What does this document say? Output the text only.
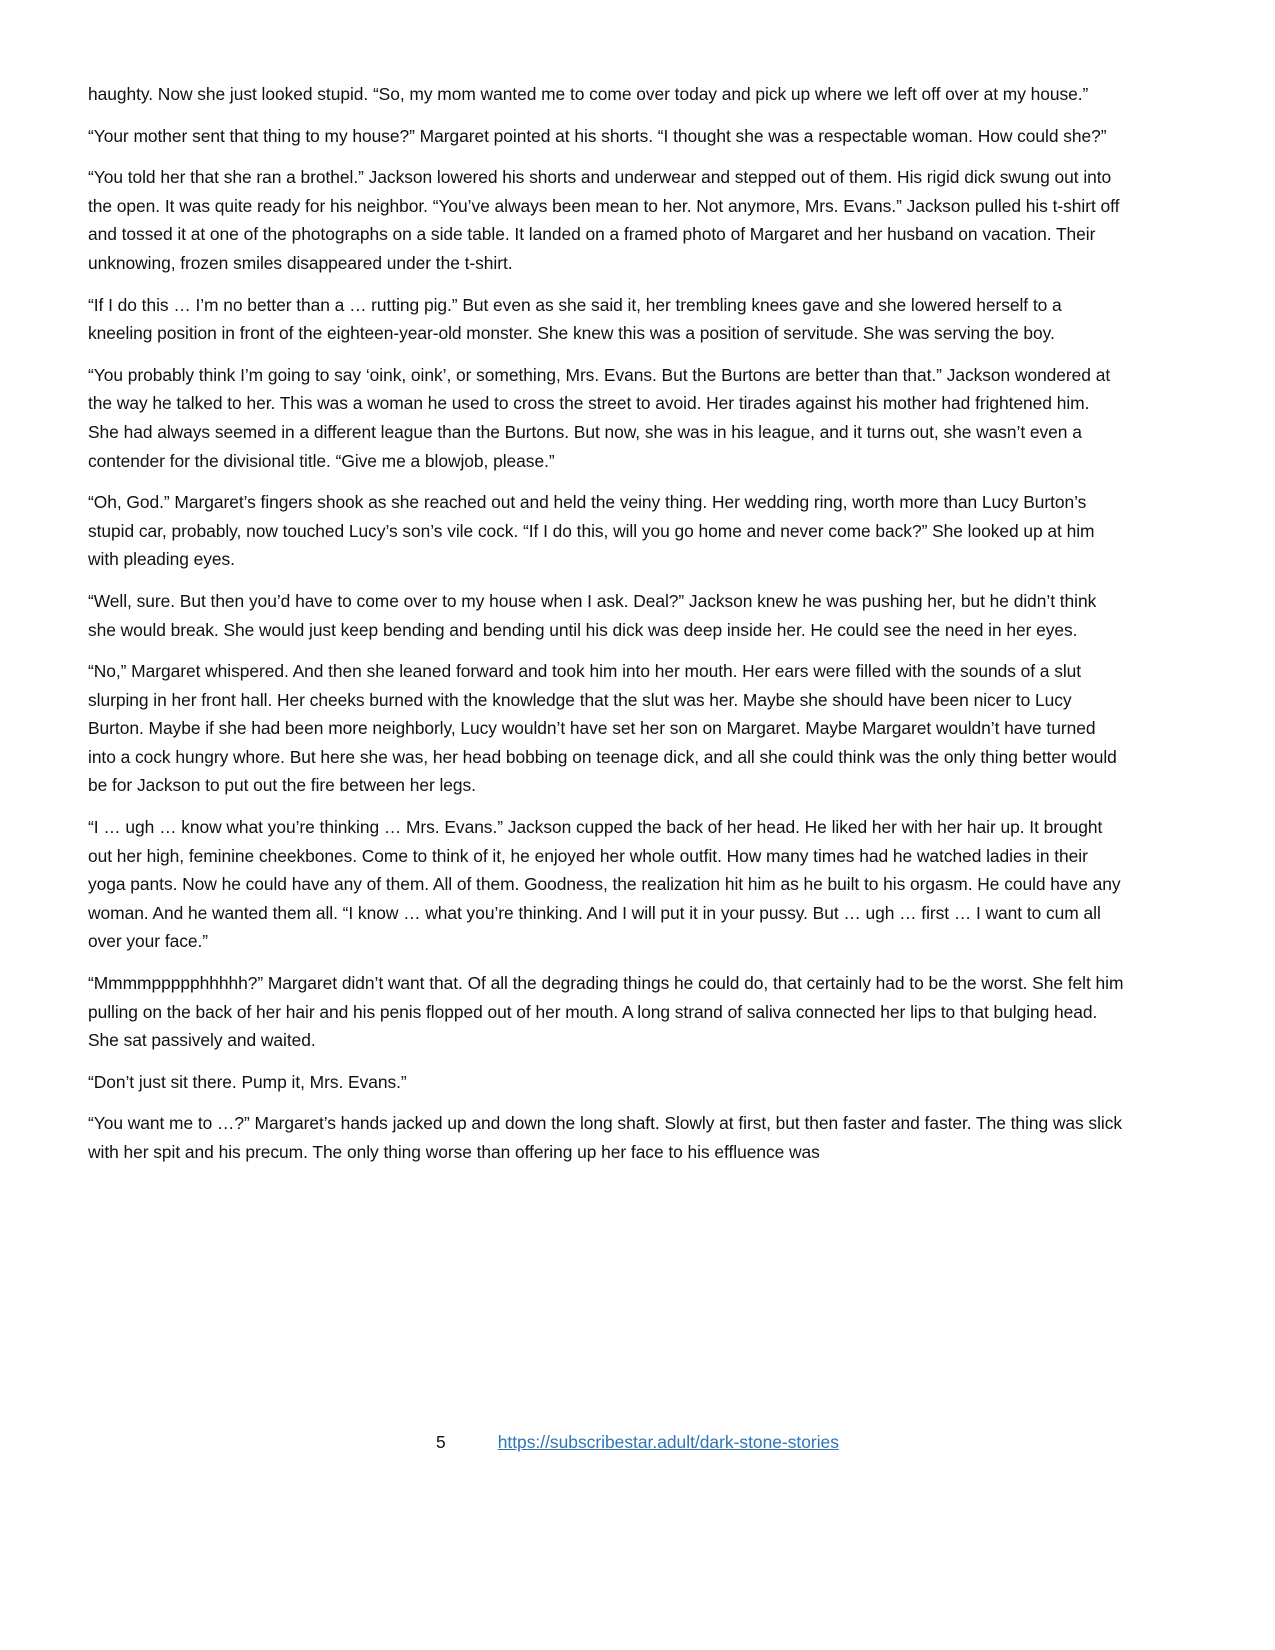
haughty. Now she just looked stupid. “So, my mom wanted me to come over today and pick up where we left off over at my house.”

“Your mother sent that thing to my house?” Margaret pointed at his shorts. “I thought she was a respectable woman. How could she?”

“You told her that she ran a brothel.” Jackson lowered his shorts and underwear and stepped out of them. His rigid dick swung out into the open. It was quite ready for his neighbor. “You’ve always been mean to her. Not anymore, Mrs. Evans.” Jackson pulled his t-shirt off and tossed it at one of the photographs on a side table. It landed on a framed photo of Margaret and her husband on vacation. Their unknowing, frozen smiles disappeared under the t-shirt.

“If I do this … I’m no better than a … rutting pig.” But even as she said it, her trembling knees gave and she lowered herself to a kneeling position in front of the eighteen-year-old monster. She knew this was a position of servitude. She was serving the boy.

“You probably think I’m going to say ‘oink, oink’, or something, Mrs. Evans. But the Burtons are better than that.” Jackson wondered at the way he talked to her. This was a woman he used to cross the street to avoid. Her tirades against his mother had frightened him. She had always seemed in a different league than the Burtons. But now, she was in his league, and it turns out, she wasn’t even a contender for the divisional title. “Give me a blowjob, please.”

“Oh, God.” Margaret’s fingers shook as she reached out and held the veiny thing. Her wedding ring, worth more than Lucy Burton’s stupid car, probably, now touched Lucy’s son’s vile cock. “If I do this, will you go home and never come back?” She looked up at him with pleading eyes.

“Well, sure. But then you’d have to come over to my house when I ask. Deal?” Jackson knew he was pushing her, but he didn’t think she would break. She would just keep bending and bending until his dick was deep inside her. He could see the need in her eyes.

“No,” Margaret whispered. And then she leaned forward and took him into her mouth. Her ears were filled with the sounds of a slut slurping in her front hall. Her cheeks burned with the knowledge that the slut was her. Maybe she should have been nicer to Lucy Burton. Maybe if she had been more neighborly, Lucy wouldn’t have set her son on Margaret. Maybe Margaret wouldn’t have turned into a cock hungry whore. But here she was, her head bobbing on teenage dick, and all she could think was the only thing better would be for Jackson to put out the fire between her legs.

“I … ugh … know what you’re thinking … Mrs. Evans.” Jackson cupped the back of her head. He liked her with her hair up. It brought out her high, feminine cheekbones. Come to think of it, he enjoyed her whole outfit. How many times had he watched ladies in their yoga pants. Now he could have any of them. All of them. Goodness, the realization hit him as he built to his orgasm. He could have any woman. And he wanted them all. “I know … what you’re thinking. And I will put it in your pussy. But … ugh … first … I want to cum all over your face.”

“Mmmmppppphhhhh?” Margaret didn’t want that. Of all the degrading things he could do, that certainly had to be the worst. She felt him pulling on the back of her hair and his penis flopped out of her mouth. A long strand of saliva connected her lips to that bulging head. She sat passively and waited.

“Don’t just sit there. Pump it, Mrs. Evans.”

“You want me to …?” Margaret’s hands jacked up and down the long shaft. Slowly at first, but then faster and faster. The thing was slick with her spit and his precum. The only thing worse than offering up her face to his effluence was

5	https://subscribestar.adult/dark-stone-stories
